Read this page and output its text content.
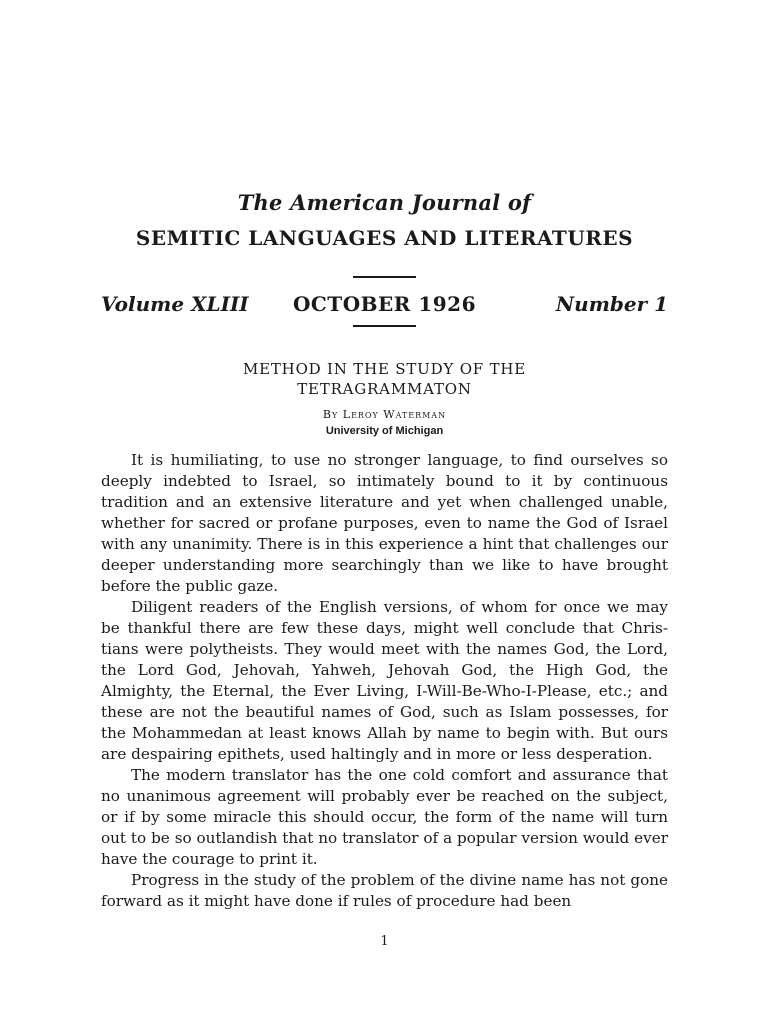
The American Journal of
SEMITIC LANGUAGES AND LITERATURES
Volume XLIII	OCTOBER 1926	Number 1
METHOD IN THE STUDY OF THE
TETRAGRAMMATON
By Leroy Waterman
University of Michigan

It is humiliating, to use no stronger language, to find ourselves so deeply indebted to Israel, so intimately bound to it by continuous tradition and an extensive literature and yet when challenged unable, whether for sacred or profane purposes, even to name the God of Israel with any unanimity. There is in this experience a hint that challenges our deeper understanding more searchingly than we like to have brought before the public gaze.

Diligent readers of the English versions, of whom for once we may be thankful there are few these days, might well conclude that Christians were polytheists. They would meet with the names God, the Lord, the Lord God, Jehovah, Yahweh, Jehovah God, the High God, the Almighty, the Eternal, the Ever Living, I-Will-Be-Who-I-Please, etc.; and these are not the beautiful names of God, such as Islam possesses, for the Mohammedan at least knows Allah by name to begin with. But ours are despairing epithets, used haltingly and in more or less desperation.

The modern translator has the one cold comfort and assurance that no unanimous agreement will probably ever be reached on the subject, or if by some miracle this should occur, the form of the name will turn out to be so outlandish that no translator of a popular version would ever have the courage to print it.

Progress in the study of the problem of the divine name has not gone forward as it might have done if rules of procedure had been

1
